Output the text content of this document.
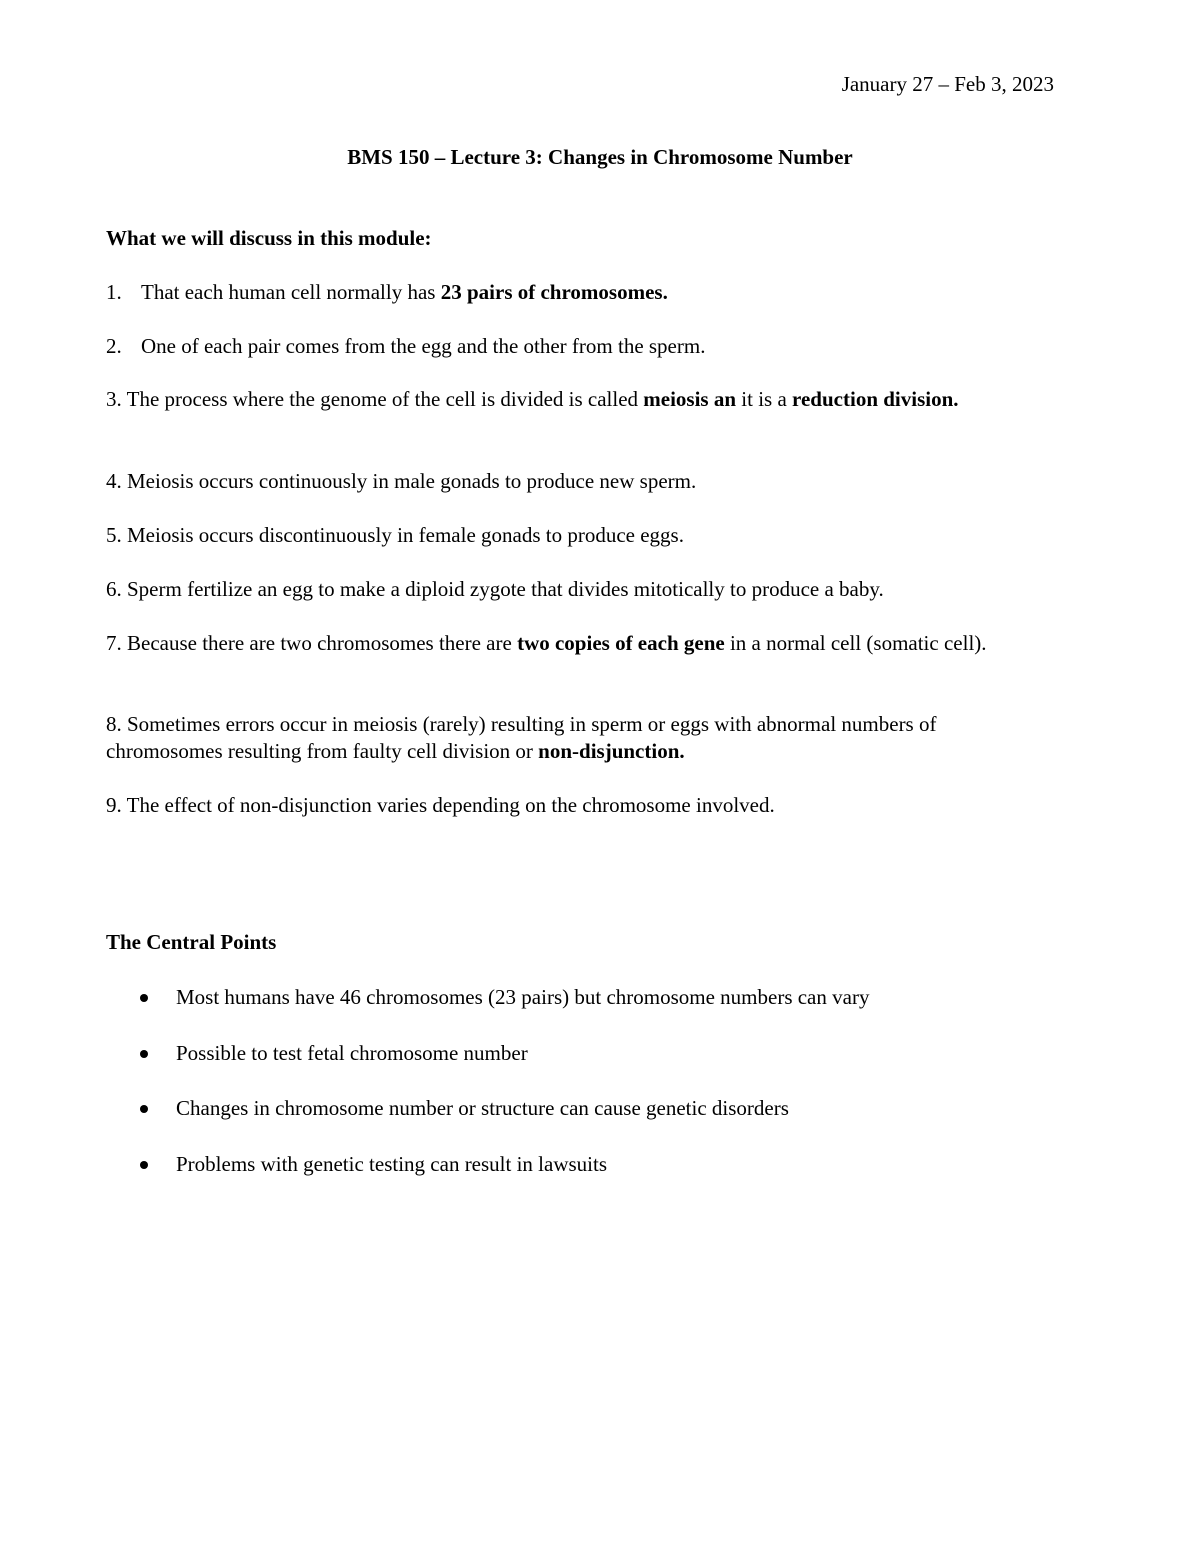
January 27 – Feb 3, 2023
BMS 150 – Lecture 3: Changes in Chromosome Number
What we will discuss in this module:
1. That each human cell normally has 23 pairs of chromosomes.
2. One of each pair comes from the egg and the other from the sperm.
3. The process where the genome of the cell is divided is called meiosis an it is a reduction division.
4. Meiosis occurs continuously in male gonads to produce new sperm.
5. Meiosis occurs discontinuously in female gonads to produce eggs.
6. Sperm fertilize an egg to make a diploid zygote that divides mitotically to produce a baby.
7. Because there are two chromosomes there are two copies of each gene in a normal cell (somatic cell).
8. Sometimes errors occur in meiosis (rarely) resulting in sperm or eggs with abnormal numbers of chromosomes resulting from faulty cell division or non-disjunction.
9. The effect of non-disjunction varies depending on the chromosome involved.
The Central Points
Most humans have 46 chromosomes (23 pairs) but chromosome numbers can vary
Possible to test fetal chromosome number
Changes in chromosome number or structure can cause genetic disorders
Problems with genetic testing can result in lawsuits
